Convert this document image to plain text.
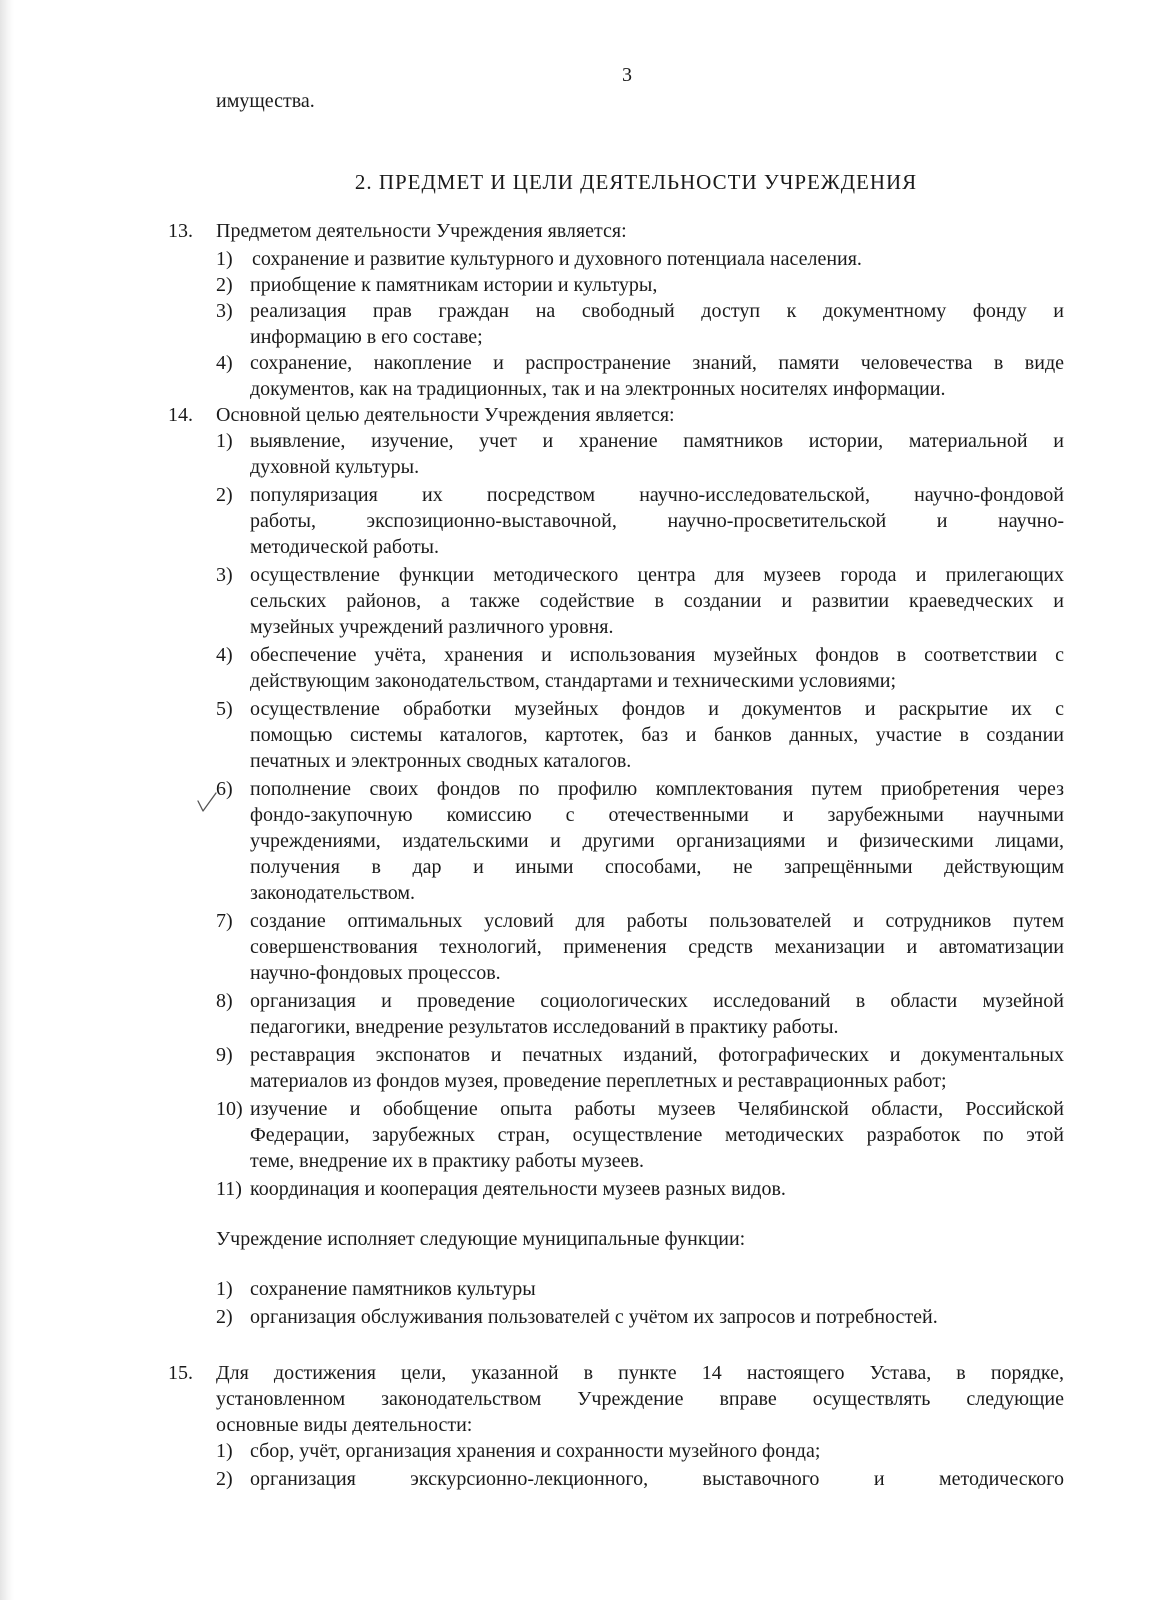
3
имущества.
2. ПРЕДМЕТ И ЦЕЛИ ДЕЯТЕЛЬНОСТИ УЧРЕЖДЕНИЯ
13.	Предметом деятельности Учреждения является:
1) сохранение и развитие культурного и духовного потенциала населения.
2) приобщение к памятникам истории и культуры,
3) реализация прав граждан на свободный доступ к документному фонду и
информацию в его составе;
4) сохранение, накопление и распространение знаний, памяти человечества в виде
документов, как на традиционных, так и на электронных носителях информации.
14.	Основной целью деятельности Учреждения является:
1) выявление, изучение, учет и хранение памятников истории, материальной и
духовной культуры.
2) популяризация их посредством научно-исследовательской, научно-фондовой
работы, экспозиционно-выставочной, научно-просветительской и научно-
методической работы.
3) осуществление функции методического центра для музеев города и прилегающих
сельских районов, а также содействие в создании и развитии краеведческих и
музейных учреждений различного уровня.
4) обеспечение учёта, хранения и использования музейных фондов в соответствии с
действующим законодательством, стандартами и техническими условиями;
5) осуществление обработки музейных фондов и документов и раскрытие их с
помощью системы каталогов, картотек, баз и банков данных, участие в создании
печатных и электронных сводных каталогов.
6) пополнение своих фондов по профилю комплектования путем приобретения через
фондо-закупочную комиссию с отечественными и зарубежными научными
учреждениями, издательскими и другими организациями и физическими лицами,
получения в дар и иными способами, не запрещёнными действующим
законодательством.
7) создание оптимальных условий для работы пользователей и сотрудников путем
совершенствования технологий, применения средств механизации и автоматизации
научно-фондовых процессов.
8) организация и проведение социологических исследований в области музейной
педагогики, внедрение результатов исследований в практику работы.
9) реставрация экспонатов и печатных изданий, фотографических и документальных
материалов из фондов музея, проведение переплетных и реставрационных работ;
10) изучение и обобщение опыта работы музеев Челябинской области, Российской
Федерации, зарубежных стран, осуществление методических разработок по этой
теме, внедрение их в практику работы музеев.
11) координация и кооперация деятельности музеев разных видов.
Учреждение исполняет следующие муниципальные функции:
1) сохранение памятников культуры
2) организация обслуживания пользователей с учётом их запросов и потребностей.
15.	Для достижения цели, указанной в пункте 14 настоящего Устава, в порядке,
установленном законодательством Учреждение вправе осуществлять следующие
основные виды деятельности:
1) сбор, учёт, организация хранения и сохранности музейного фонда;
2) организация экскурсионно-лекционного, выставочного и методического
